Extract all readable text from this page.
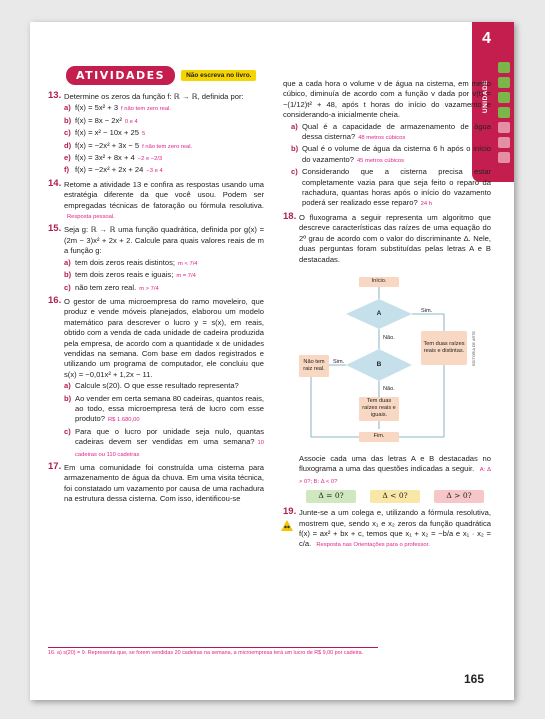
4
UNIDADE
ATIVIDADES	Não escreva no livro.
13. Determine os zeros da função f: ℝ → ℝ, definida por:
a) f(x) = 5x² + 3 f não tem zero real.
b) f(x) = 8x − 2x² 0 e 4
c) f(x) = x² − 10x + 25 5
d) f(x) = −2x² + 3x − 5 f não tem zero real.
e) f(x) = 3x² + 8x + 4 −2 e −2/3
f) f(x) = −2x² + 2x + 24 −3 e 4
14. Retome a atividade 13 e confira as respostas usando uma estratégia diferente da que você usou. Podem ser empregadas técnicas de fatoração ou fórmula resolutiva. Resposta pessoal.
15. Seja g: ℝ → ℝ uma função quadrática, definida por g(x) = (2m − 3)x² + 2x + 2. Calcule para quais valores reais de m a função g:
a) tem dois zeros reais distintos; m < 7/4
b) tem dois zeros reais e iguais; m = 7/4
c) não tem zero real. m > 7/4
16. O gestor de uma microempresa do ramo moveleiro, que produz e vende móveis planejados, elaborou um modelo matemático para descrever o lucro y = s(x), em reais, obtido com a venda de cada unidade de cadeira produzida pela empresa, de acordo com a quantidade x de unidades vendidas na semana. Com base em dados registrados e utilizando um programa de computador, ele concluiu que s(x) = −0,01x² + 1,2x − 11.
a) Calcule s(20). O que esse resultado representa?
b) Ao vender em certa semana 80 cadeiras, quantos reais, ao todo, essa microempresa terá de lucro com esse produto? R$ 1.680,00
c) Para que o lucro por unidade seja nulo, quantas cadeiras devem ser vendidas em uma semana? 10 cadeiras ou 110 cadeiras
17. Em uma comunidade foi construída uma cisterna para armazenamento de água da chuva. Em uma visita técnica, foi constatado um vazamento por causa de uma rachadura na estrutura dessa cisterna. Com isso, identificou-se
que a cada hora o volume v de água na cisterna, em metro cúbico, diminuía de acordo com a função v dada por v(t) = −(1/12)t² + 48, após t horas do início do vazamento e considerando-a inicialmente cheia.
a) Qual é a capacidade de armazenamento de água dessa cisterna? 48 metros cúbicos
b) Qual é o volume de água da cisterna 6 h após o início do vazamento? 45 metros cúbicos
c) Considerando que a cisterna precisa estar completamente vazia para que seja feito o reparo da rachadura, quantas horas após o início do vazamento poderá ser realizado esse reparo? 24 h
18. O fluxograma a seguir representa um algoritmo que descreve características das raízes de uma equação do 2º grau de acordo com o valor do discriminante Δ. Nele, duas perguntas foram substituídas pelas letras A e B destacadas.
Início.
A
B
Sim.
Não.
Sim.
Não.
Tem duas raízes reais e distintas.
Não tem raiz real.
Tem duas raízes reais e iguais.
Fim.
EDITORIA DE ARTE
Associe cada uma das letras A e B destacadas no fluxograma a uma das questões indicadas a seguir. A: Δ > 0?; B: Δ < 0?
Δ = 0?	Δ < 0?	Δ > 0?
19. Junte-se a um colega e, utilizando a fórmula resolutiva, mostrem que, sendo x₁ e x₂ zeros da função quadrática f(x) = ax² + bx + c, temos que x₁ + x₂ = −b/a e x₁ · x₂ = c/a. Resposta nas Orientações para o professor.
16. a) s(20) = 9. Representa que, se forem vendidas 20 cadeiras na semana, a microempresa terá um lucro de R$ 9,00 por cadeira.
165
